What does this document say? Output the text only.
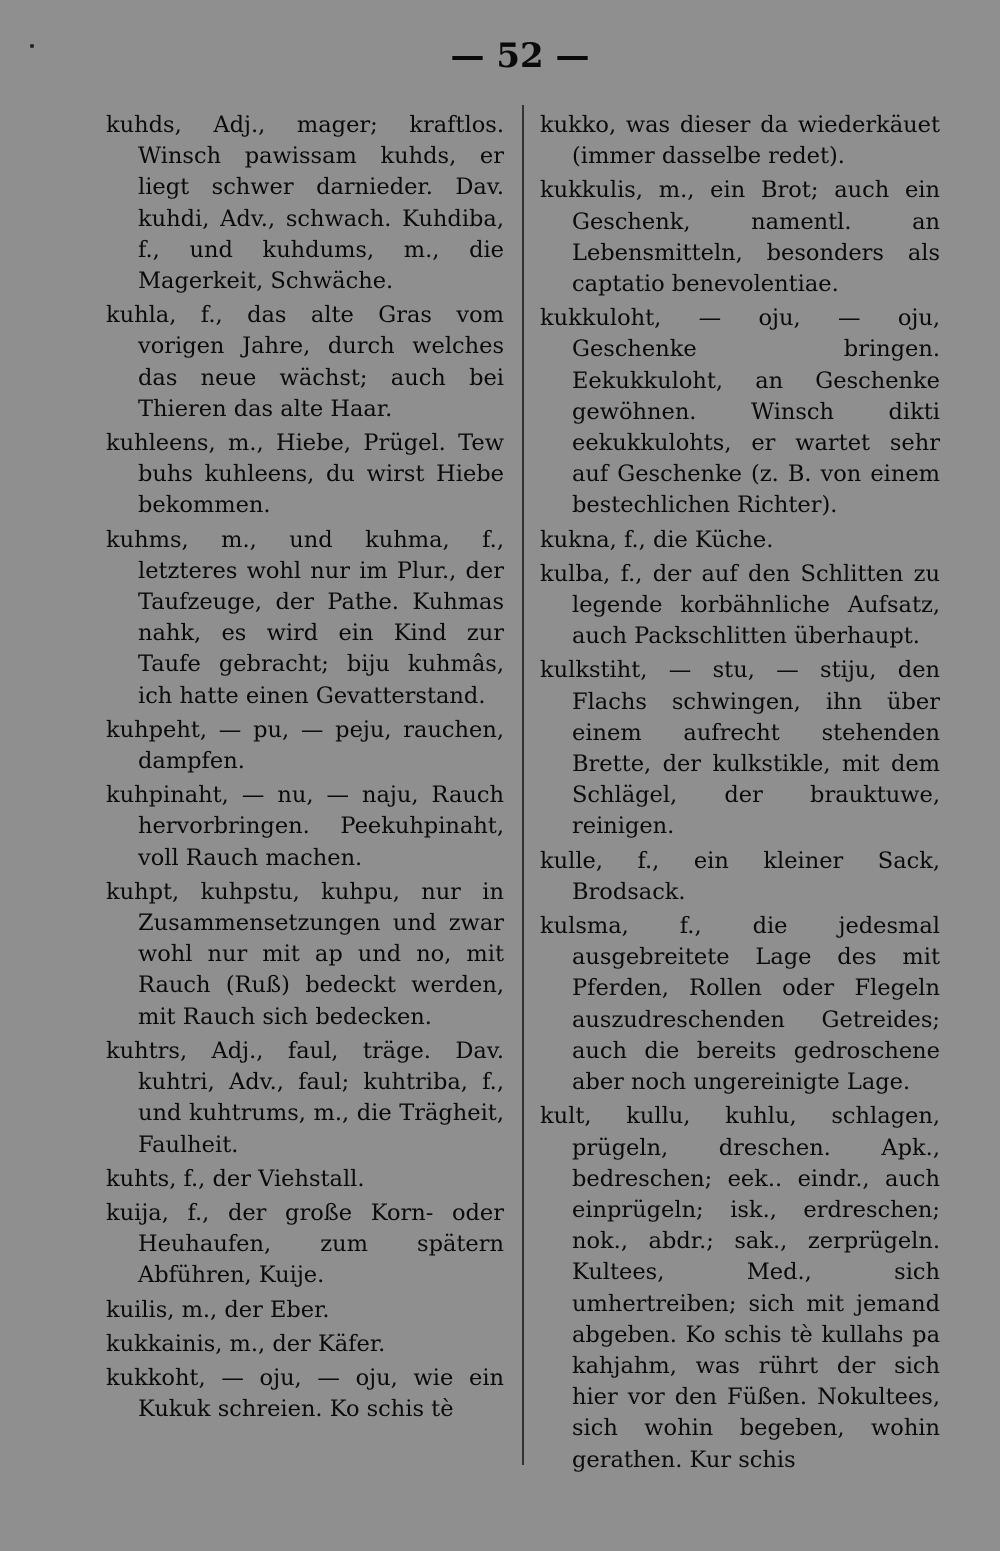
— 52 —

kuhds, Adj., mager; kraftlos. Winsch pawissam kuhds, er liegt schwer darnieder. Dav. kuhdi, Adv., schwach. Kuhdiba, f., und kuhdums, m., die Magerkeit, Schwäche.

kuhla, f., das alte Gras vom vorigen Jahre, durch welches das neue wächst; auch bei Thieren das alte Haar.

kuhleens, m., Hiebe, Prügel. Tew buhs kuhleens, du wirst Hiebe bekommen.

kuhms, m., und kuhma, f., letzteres wohl nur im Plur., der Taufzeuge, der Pathe. Kuhmas nahk, es wird ein Kind zur Taufe gebracht; biju kuhmâs, ich hatte einen Gevatterstand.

kuhpeht, — pu, — peju, rauchen, dampfen.

kuhpinaht, — nu, — naju, Rauch hervorbringen. Peekuhpinaht, voll Rauch machen.

kuhpt, kuhpstu, kuhpu, nur in Zusammensetzungen und zwar wohl nur mit ap und no, mit Rauch (Ruß) bedeckt werden, mit Rauch sich bedecken.

kuhtrs, Adj., faul, träge. Dav. kuhtri, Adv., faul; kuhtriba, f., und kuhtrums, m., die Trägheit, Faulheit.

kuhts, f., der Viehstall.

kuija, f., der große Korn- oder Heuhaufen, zum spätern Abführen, Kuije.

kuilis, m., der Eber.

kukkainis, m., der Käfer.

kukkoht, — oju, — oju, wie ein Kukuk schreien. Ko schis tè

kukko, was dieser da wiederkäuet (immer dasselbe redet).

kukkulis, m., ein Brot; auch ein Geschenk, namentl. an Lebensmitteln, besonders als captatio benevolentiae.

kukkuloht, — oju, — oju, Geschenke bringen. Eekukkuloht, an Geschenke gewöhnen. Winsch dikti eekukkulohts, er wartet sehr auf Geschenke (z. B. von einem bestechlichen Richter).

kukna, f., die Küche.

kulba, f., der auf den Schlitten zu legende korbähnliche Aufsatz, auch Packschlitten überhaupt.

kulkstiht, — stu, — stiju, den Flachs schwingen, ihn über einem aufrecht stehenden Brette, der kulkstikle, mit dem Schlägel, der brauktuwe, reinigen.

kulle, f., ein kleiner Sack, Brodsack.

kulsma, f., die jedesmal ausgebreitete Lage des mit Pferden, Rollen oder Flegeln auszudreschenden Getreides; auch die bereits gedroschene aber noch ungereinigte Lage.

kult, kullu, kuhlu, schlagen, prügeln, dreschen. Apk., bedreschen; eek.. eindr., auch einprügeln; isk., erdreschen; nok., abdr.; sak., zerprügeln. Kultees, Med., sich umhertreiben; sich mit jemand abgeben. Ko schis tè kullahs pa kahjahm, was rührt der sich hier vor den Füßen. Nokultees, sich wohin begeben, wohin gerathen. Kur schis
